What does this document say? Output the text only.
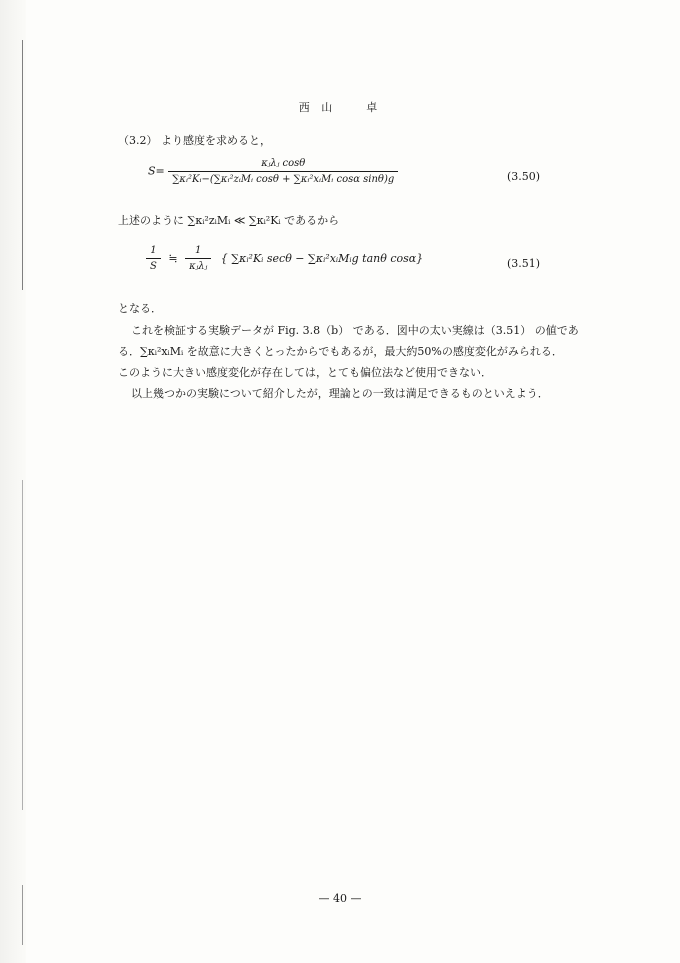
西 山	卓
（3.2） より感度を求めると，
$S= \frac{\text{κⱼλⱼ cosθ}}{\text{∑κᵢ²Kᵢ−(∑κᵢ²zᵢMᵢ cosθ + ∑κᵢ²xᵢMᵢ cosα sinθ)g}}$	(3.50)
上述のように ∑κᵢ²zᵢMᵢ ≪ ∑κᵢ²Kᵢ であるから
$\frac{1}{S}$ ≒ $\frac{1}{\text{κⱼλⱼ}}$ { ∑κᵢ²Kᵢ secθ − ∑κᵢ²xᵢMᵢg tanθ cosα}	(3.51)
となる．
これを検証する実験データが Fig. 3.8（b） である．図中の太い実線は（3.51） の値であ
る．∑κᵢ²xᵢMᵢ を故意に大きくとったからでもあるが，最大約50%の感度変化がみられる．
このように大きい感度変化が存在しては，とても偏位法など使用できない．
以上幾つかの実験について紹介したが，理論との一致は満足できるものといえよう．
— 40 —
